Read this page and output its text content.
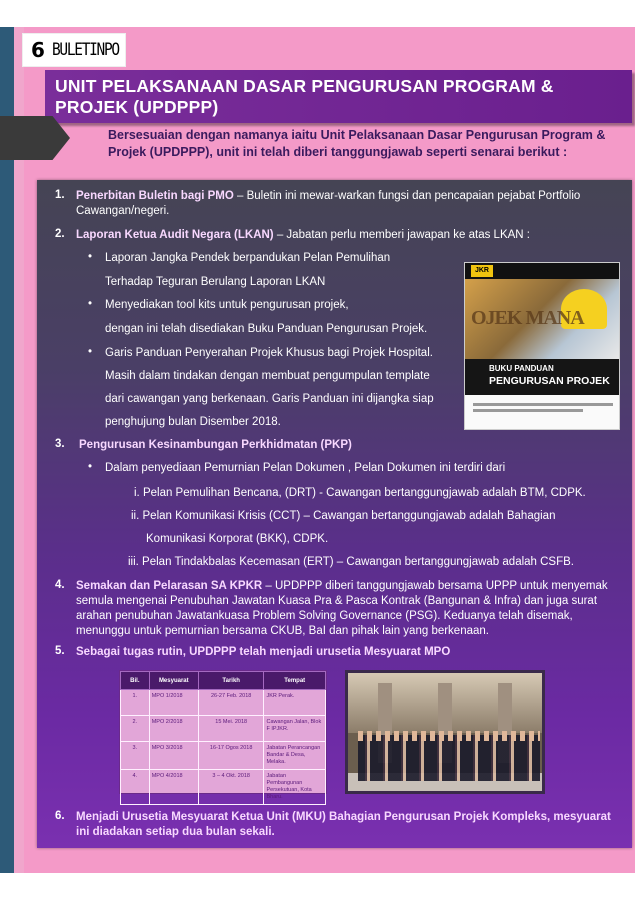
6 BULETINPO
UNIT PELAKSANAAN DASAR PENGURUSAN PROGRAM &
PROJEK (UPDPPP)
Bersesuaian dengan namanya iaitu Unit Pelaksanaan Dasar Pengurusan Program &
Projek (UPDPPP), unit ini telah diberi tanggungjawab seperti senarai berikut :
1. Penerbitan Buletin bagi PMO – Buletin ini mewar-warkan fungsi dan pencapaian pejabat Portfolio
Cawangan/negeri.
2. Laporan Ketua Audit Negara (LKAN) – Jabatan perlu memberi jawapan ke atas LKAN :
• Laporan Jangka Pendek berpandukan Pelan Pemulihan
Terhadap Teguran Berulang Laporan LKAN
• Menyediakan tool kits untuk pengurusan projek,
dengan ini telah disediakan Buku Panduan Pengurusan Projek.
• Garis Panduan Penyerahan Projek Khusus bagi Projek Hospital.
Masih dalam tindakan dengan membuat pengumpulan template
dari cawangan yang berkenaan. Garis Panduan ini dijangka siap
penghujung bulan Disember 2018.
JKR
OJEK MANA
BUKU PANDUAN
PENGURUSAN PROJEK
3. Pengurusan Kesinambungan Perkhidmatan (PKP)
• Dalam penyediaan Pemurnian Pelan Dokumen , Pelan Dokumen ini terdiri dari
i. Pelan Pemulihan Bencana, (DRT) - Cawangan bertanggungjawab adalah BTM, CDPK.
ii. Pelan Komunikasi Krisis (CCT) – Cawangan bertanggungjawab adalah Bahagian
Komunikasi Korporat (BKK), CDPK.
iii. Pelan Tindakbalas Kecemasan (ERT) – Cawangan bertanggungjawab adalah CSFB.
4. Semakan dan Pelarasan SA KPKR – UPDPPP diberi tanggungjawab bersama UPPP untuk menyemak
semula mengenai Penubuhan Jawatan Kuasa Pra & Pasca Kontrak (Bangunan & Infra) dan juga surat
arahan penubuhan Jawatankuasa Problem Solving Governance (PSG). Keduanya telah disemak,
menunggu untuk pemurnian bersama CKUB, BaI dan pihak lain yang berkenaan.
5. Sebagai tugas rutin, UPDPPP telah menjadi urusetia Mesyuarat MPO
Bil.	Mesyuarat	Tarikh	Tempat
1.	MPO 1/2018	26-27 Feb. 2018	JKR Perak.
2.	MPO 2/2018	15 Mei. 2018	Cawangan Jalan, Blok F IPJKR.
3.	MPO 3/2018	16-17 Ogos 2018	Jabatan Perancangan Bandar & Desa, Melaka.
4.	MPO 4/2018	3 – 4 Okt. 2018	Jabatan Pembangunan Persekutuan, Kota Bharu.
6. Menjadi Urusetia Mesyuarat Ketua Unit (MKU) Bahagian Pengurusan Projek Kompleks, mesyuarat
ini diadakan setiap dua bulan sekali.
